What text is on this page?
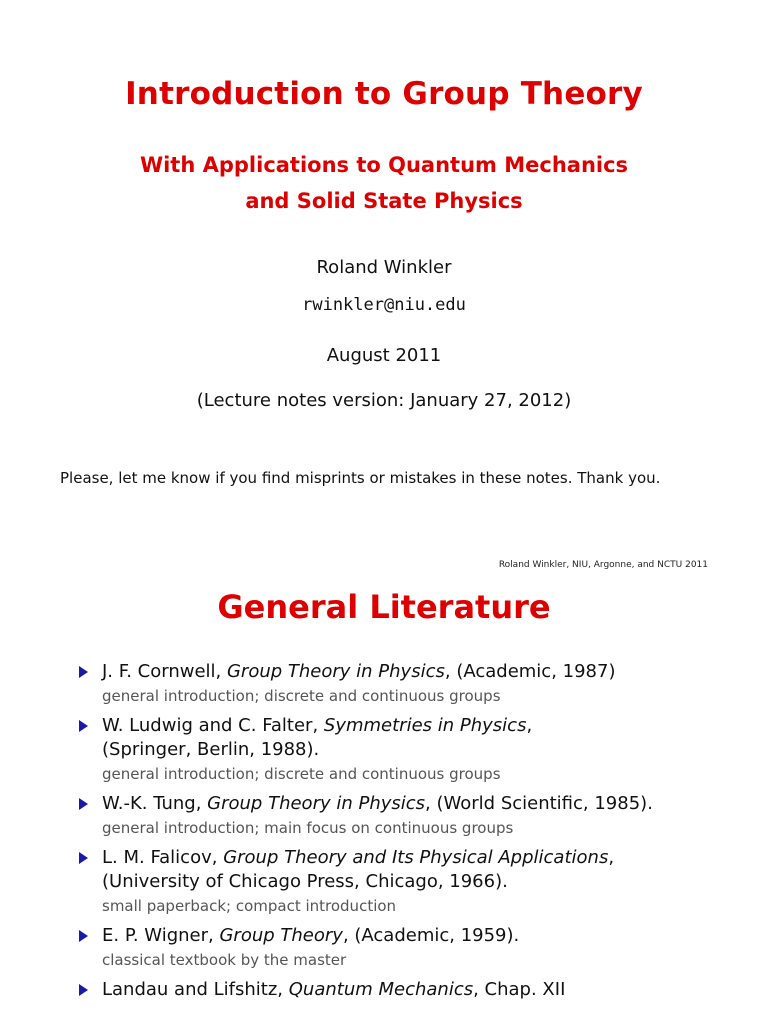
Introduction to Group Theory
With Applications to Quantum Mechanics
and Solid State Physics
Roland Winkler
rwinkler@niu.edu
August 2011
(Lecture notes version: January 27, 2012)
Please, let me know if you find misprints or mistakes in these notes. Thank you.
Roland Winkler, NIU, Argonne, and NCTU 2011
General Literature
J. F. Cornwell, Group Theory in Physics, (Academic, 1987)
general introduction; discrete and continuous groups
W. Ludwig and C. Falter, Symmetries in Physics,
(Springer, Berlin, 1988).
general introduction; discrete and continuous groups
W.-K. Tung, Group Theory in Physics, (World Scientific, 1985).
general introduction; main focus on continuous groups
L. M. Falicov, Group Theory and Its Physical Applications,
(University of Chicago Press, Chicago, 1966).
small paperback; compact introduction
E. P. Wigner, Group Theory, (Academic, 1959).
classical textbook by the master
Landau and Lifshitz, Quantum Mechanics, Chap. XII
